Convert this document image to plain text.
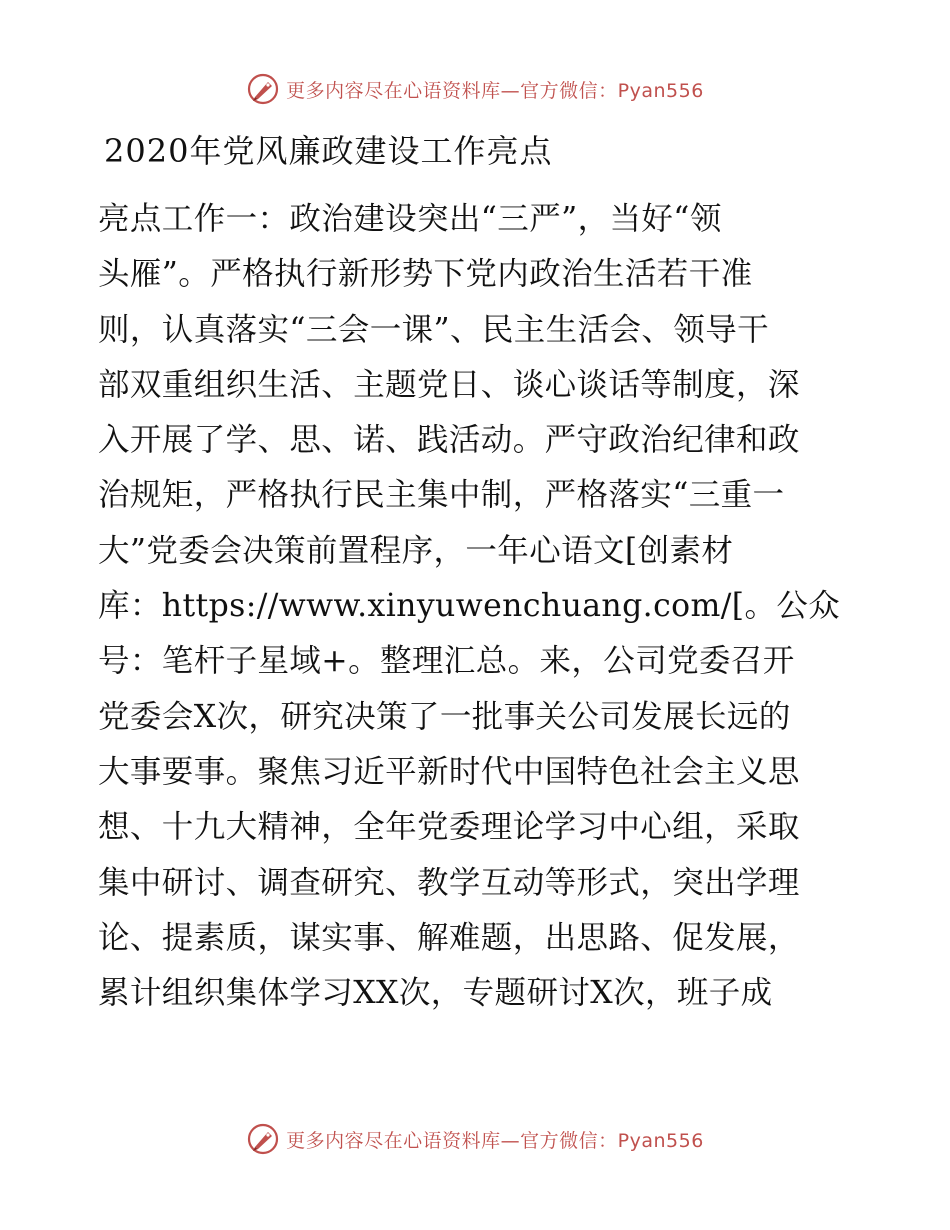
更多内容尽在心语资料库—官方微信：Pyan556
2020年党风廉政建设工作亮点
亮点工作一：政治建设突出“三严”，当好“领
头雁”。严格执行新形势下党内政治生活若干准
则，认真落实“三会一课”、民主生活会、领导干
部双重组织生活、主题党日、谈心谈话等制度，深
入开展了学、思、诺、践活动。严守政治纪律和政
治规矩，严格执行民主集中制，严格落实“三重一
大”党委会决策前置程序，一年心语文[创素材
库：https://www.xinyuwenchuang.com/[。公众
号：笔杆子星域+。整理汇总。来，公司党委召开
党委会X次，研究决策了一批事关公司发展长远的
大事要事。聚焦习近平新时代中国特色社会主义思
想、十九大精神，全年党委理论学习中心组，采取
集中研讨、调查研究、教学互动等形式，突出学理
论、提素质，谋实事、解难题，出思路、促发展，
累计组织集体学习XX次，专题研讨X次，班子成
更多内容尽在心语资料库—官方微信：Pyan556
